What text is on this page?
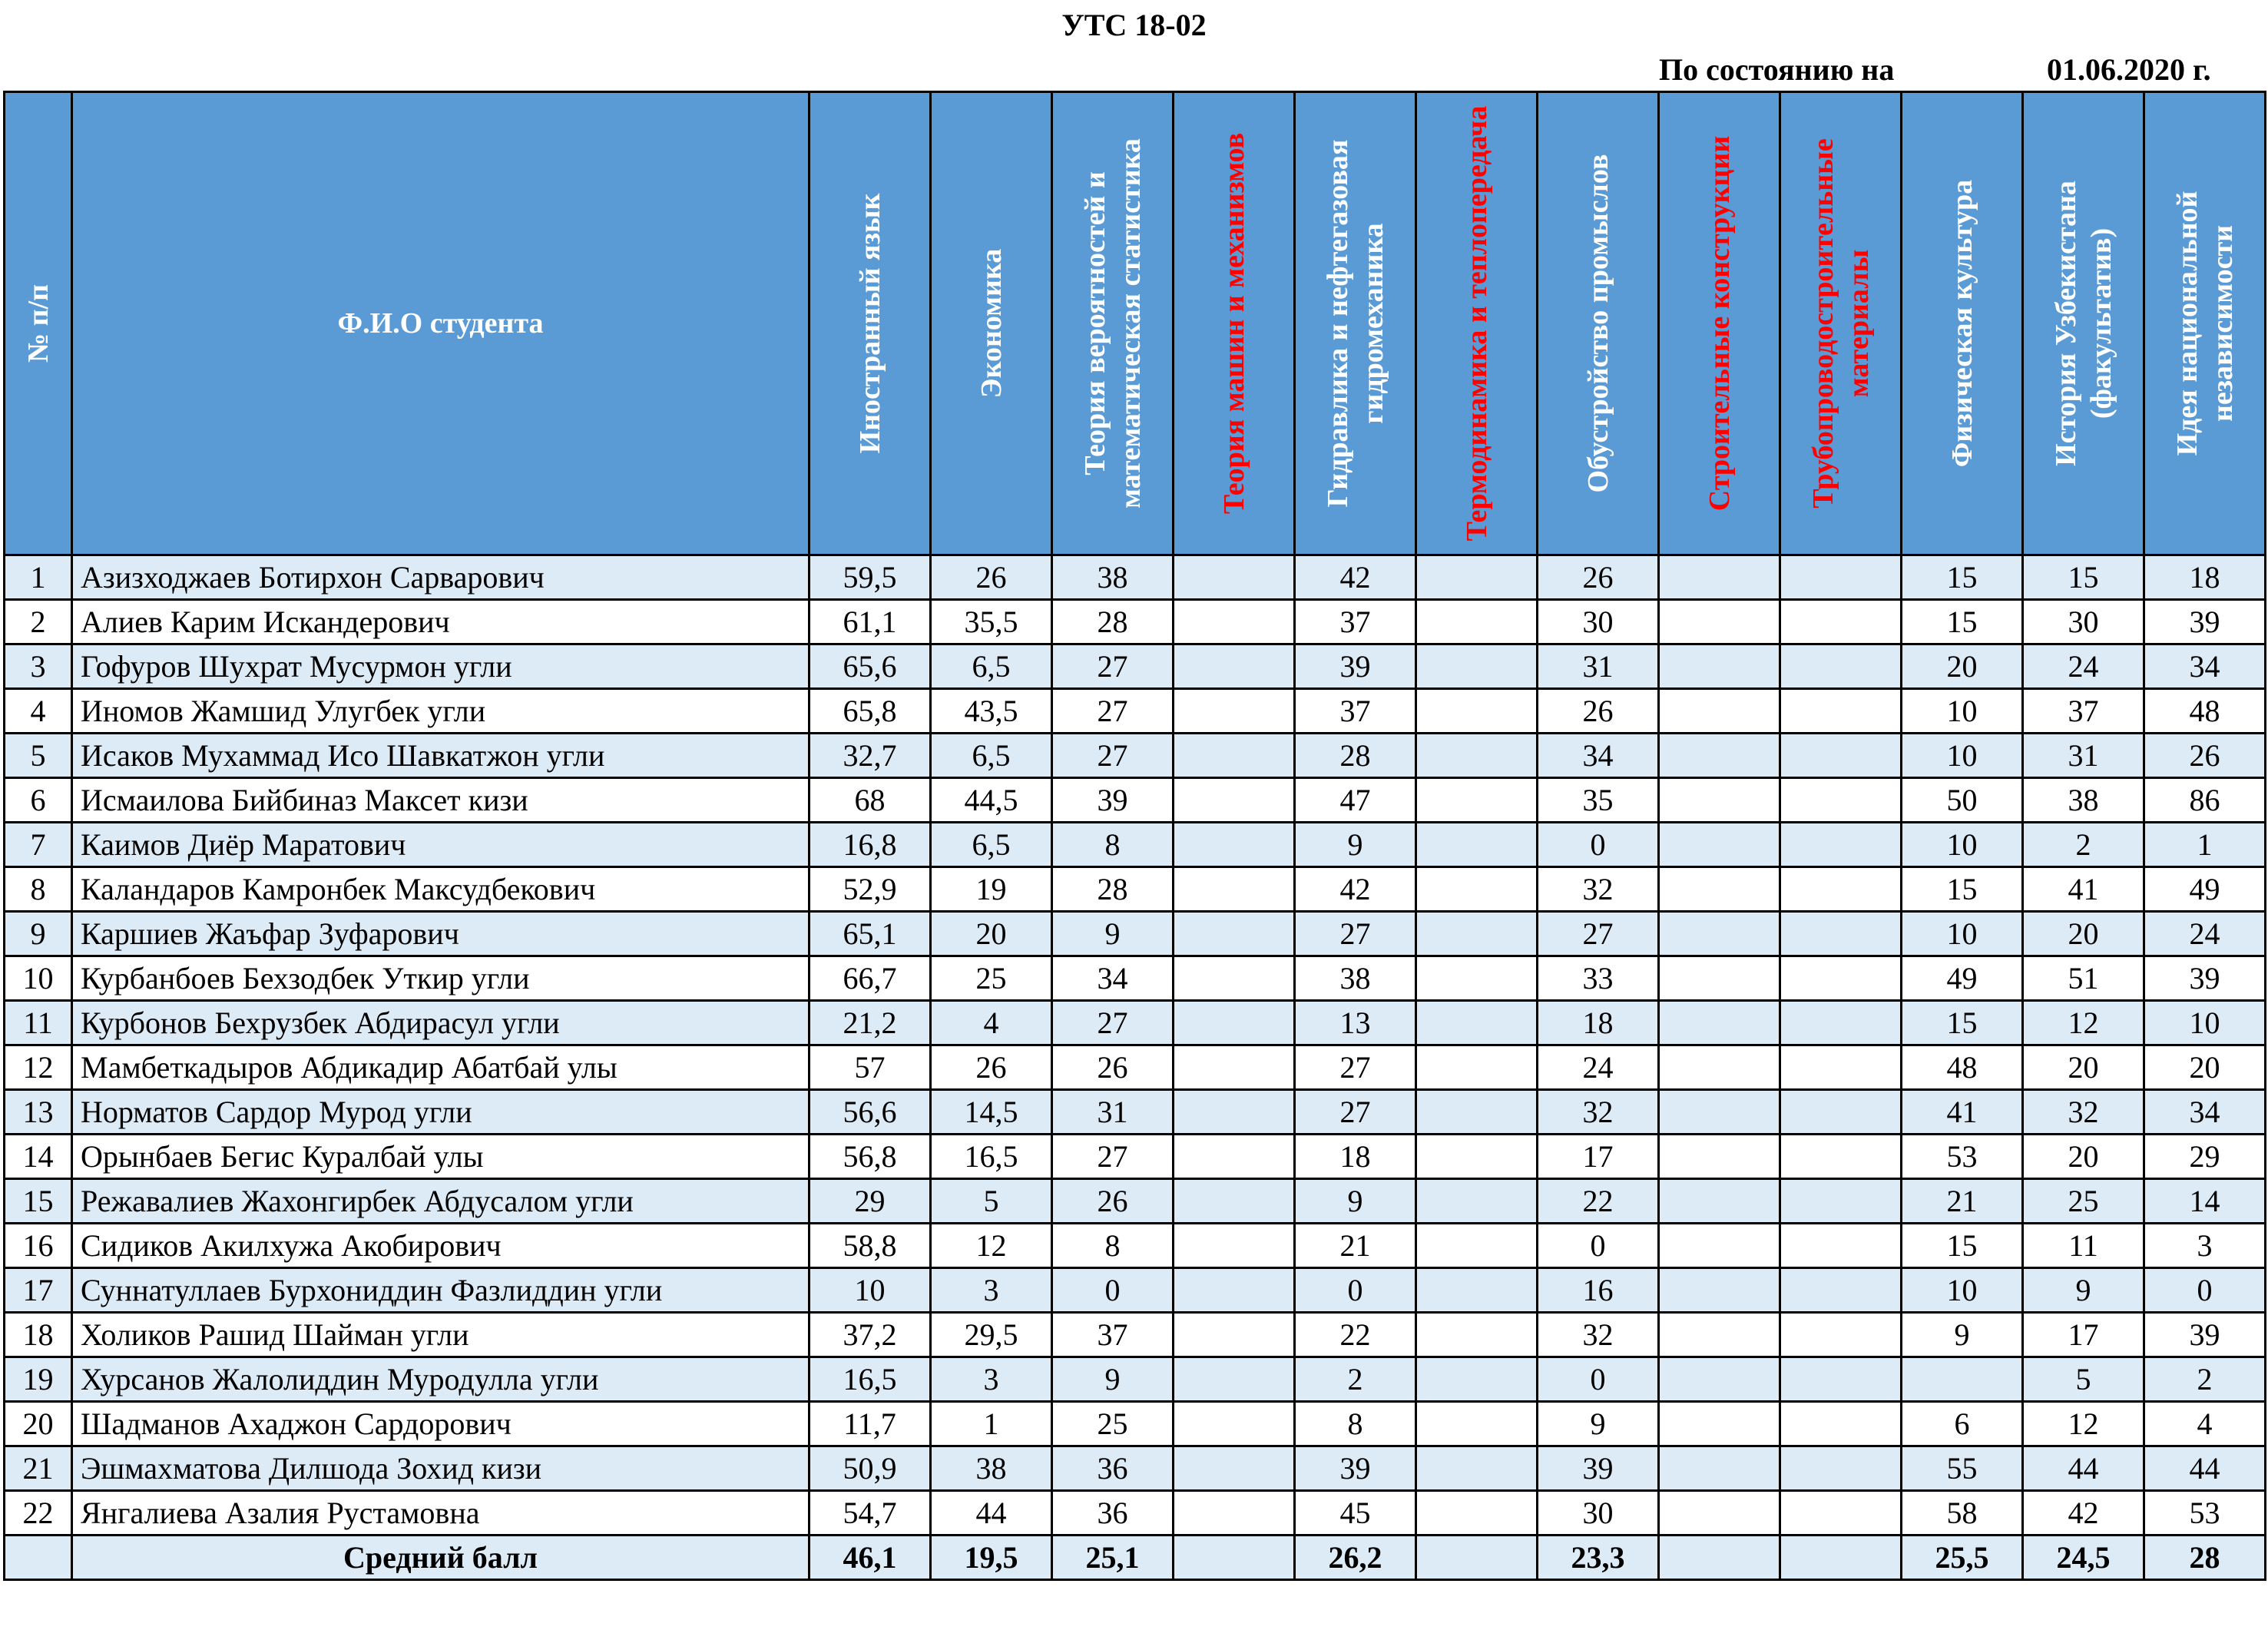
УТС 18-02
По состоянию на	01.06.2020 г.
№ п/п	Ф.И.О студента	Иностранный язык	Экономика	Теория вероятностей и математическая статистика	Теория машин и механизмов	Гидравлика и нефтегазовая гидромеханика	Термодинамика и теплопередача	Обустройство промыслов	Строительные конструкции	Трубопроводостроительные материалы	Физическая культура	История Узбекистана (факультатив)	Идея национальной независимости

1	Азизходжаев Ботирхон Сарварович	59,5	26	38		42		26			15	15	18
2	Алиев Карим Искандерович	61,1	35,5	28		37		30			15	30	39
3	Гофуров Шухрат Мусурмон угли	65,6	6,5	27		39		31			20	24	34
4	Иномов Жамшид Улугбек угли	65,8	43,5	27		37		26			10	37	48
5	Исаков Мухаммад Исо Шавкатжон угли	32,7	6,5	27		28		34			10	31	26
6	Исмаилова Бийбиназ Максет кизи	68	44,5	39		47		35			50	38	86
7	Каимов Диёр Маратович	16,8	6,5	8		9		0			10	2	1
8	Каландаров Камронбек Максудбекович	52,9	19	28		42		32			15	41	49
9	Каршиев Жаъфар Зуфарович	65,1	20	9		27		27			10	20	24
10	Курбанбоев Бехзодбек Уткир угли	66,7	25	34		38		33			49	51	39
11	Курбонов Бехрузбек Абдирасул угли	21,2	4	27		13		18			15	12	10
12	Мамбеткадыров Абдикадир Абатбай улы	57	26	26		27		24			48	20	20
13	Норматов Сардор Мурод угли	56,6	14,5	31		27		32			41	32	34
14	Орынбаев Бегис Куралбай улы	56,8	16,5	27		18		17			53	20	29
15	Режавалиев Жахонгирбек Абдусалом угли	29	5	26		9		22			21	25	14
16	Сидиков Акилхужа Акобирович	58,8	12	8		21		0			15	11	3
17	Суннатуллаев Бурхониддин Фазлиддин угли	10	3	0		0		16			10	9	0
18	Холиков Рашид Шайман угли	37,2	29,5	37		22		32			9	17	39
19	Хурсанов Жалолиддин Муродулла угли	16,5	3	9		2		0				5	2
20	Шадманов Ахаджон Сардорович	11,7	1	25		8		9			6	12	4
21	Эшмахматова Дилшода Зохид кизи	50,9	38	36		39		39			55	44	44
22	Янгалиева Азалия Рустамовна	54,7	44	36		45		30			58	42	53
	Средний балл	46,1	19,5	25,1		26,2		23,3			25,5	24,5	28
